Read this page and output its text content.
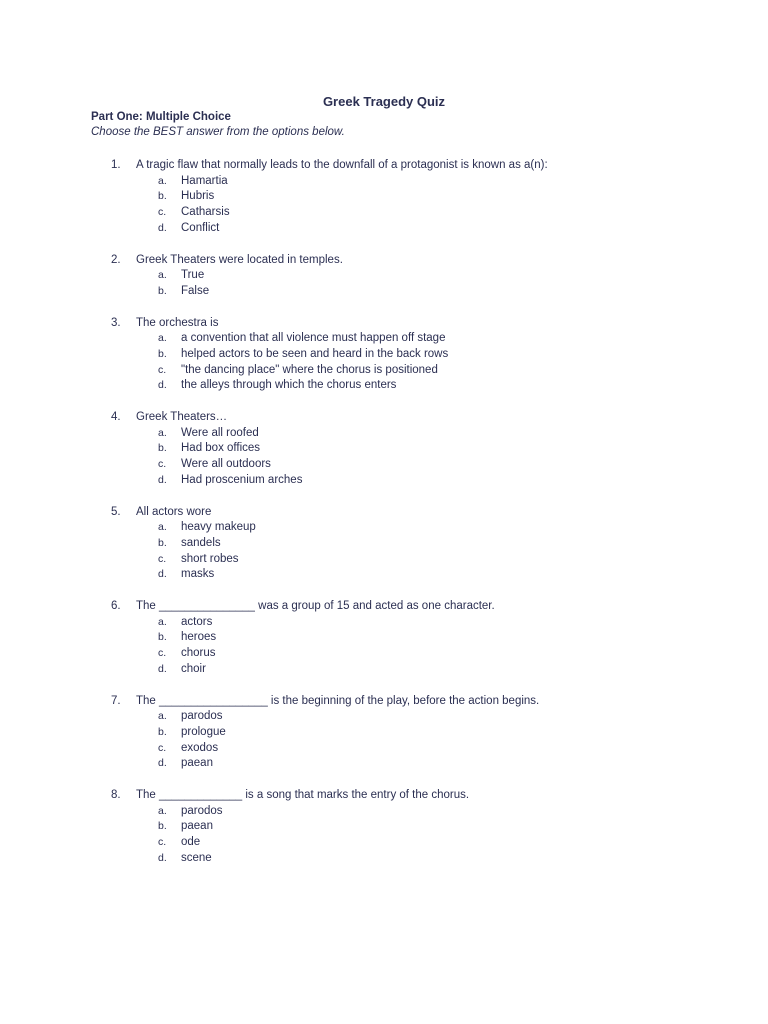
Greek Tragedy Quiz
Part One: Multiple Choice
Choose the BEST answer from the options below.
1.	A tragic flaw that normally leads to the downfall of a protagonist is known as a(n):
a.	Hamartia
b.	Hubris
c.	Catharsis
d.	Conflict
2.	Greek Theaters were located in temples.
a.	True
b.	False
3.	The orchestra is
a.	a convention that all violence must happen off stage
b.	helped actors to be seen and heard in the back rows
c.	"the dancing place" where the chorus is positioned
d.	the alleys through which the chorus enters
4.	Greek Theaters…
a.	Were all roofed
b.	Had box offices
c.	Were all outdoors
d.	Had proscenium arches
5.	All actors wore
a.	heavy makeup
b.	sandels
c.	short robes
d.	masks
6.	The _______________ was a group of 15 and acted as one character.
a.	actors
b.	heroes
c.	chorus
d.	choir
7.	The _________________ is the beginning of the play, before the action begins.
a.	parodos
b.	prologue
c.	exodos
d.	paean
8.	The _____________ is a song that marks the entry of the chorus.
a.	parodos
b.	paean
c.	ode
d.	scene
